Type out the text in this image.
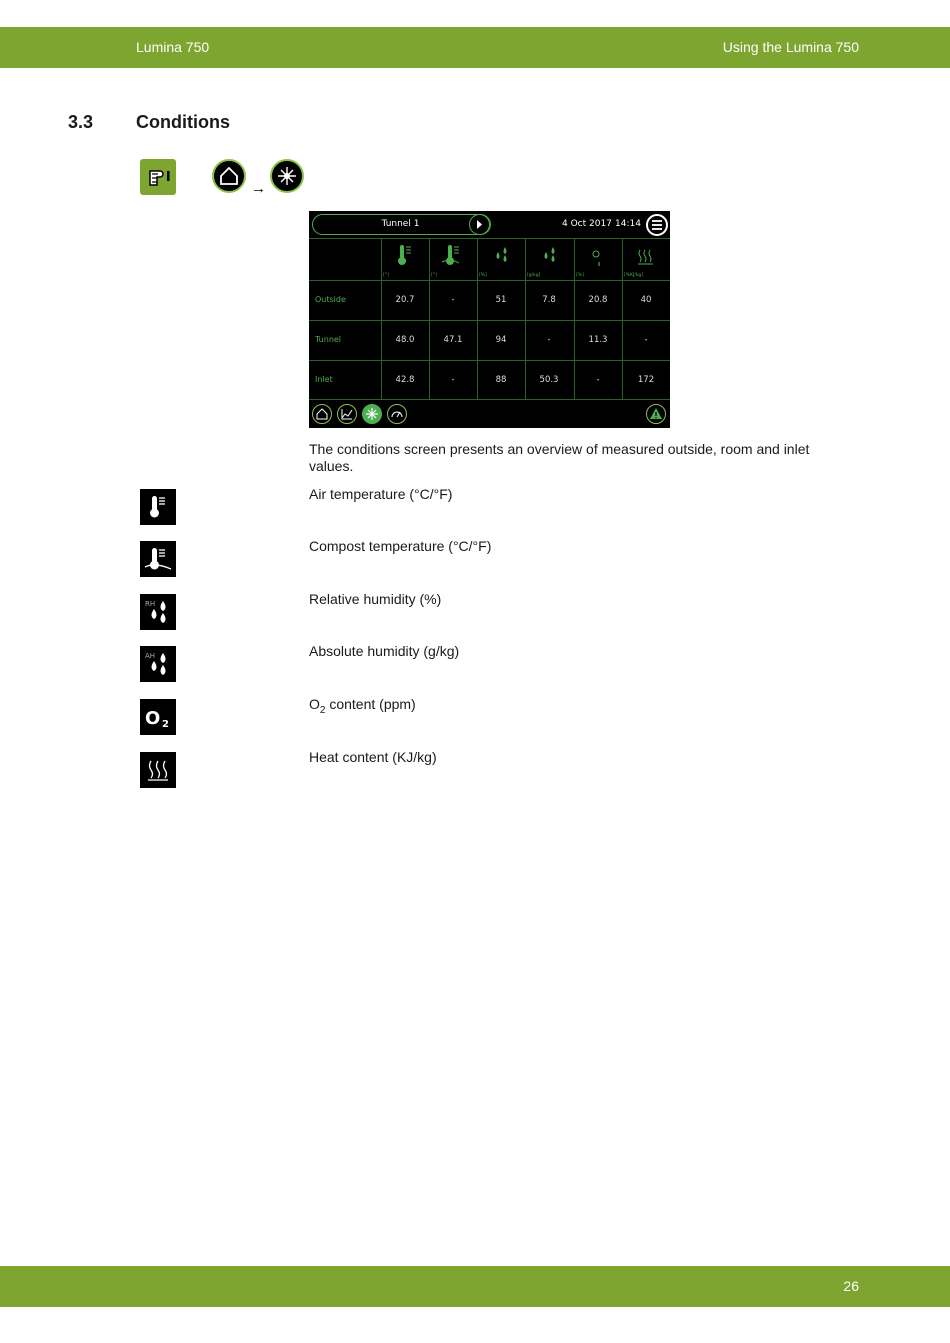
Lumina 750	Using the Lumina 750
3.3 Conditions
→
Tunnel 1	4 Oct 2017 14:14
[°]	[°]	[%]	[g/kg]	[%]	[%KJ/kg]
Outside	20.7	-	51	7.8	20.8	40
Tunnel	48.0	47.1	94	-	11.3	-
Inlet	42.8	-	88	50.3	-	172
The conditions screen presents an overview of measured outside, room and inlet values.
Air temperature (°C/°F)
Compost temperature (°C/°F)
RH	Relative humidity (%)
AH	Absolute humidity (g/kg)
O 2
$O_2$ content (ppm)
Heat content (KJ/kg)
26
